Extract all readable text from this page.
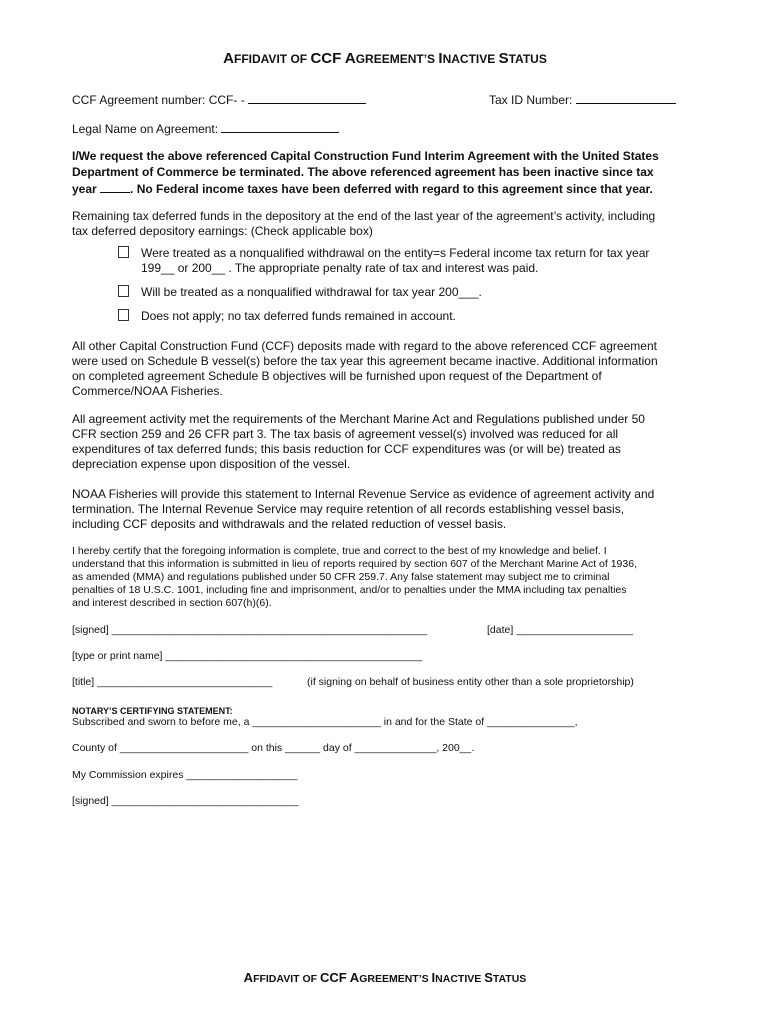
AFFIDAVIT OF CCF AGREEMENT’S INACTIVE STATUS
CCF Agreement number: CCF- -	Tax ID Number:
Legal Name on Agreement:
I/We request the above referenced Capital Construction Fund Interim Agreement with the United States
Department of Commerce be terminated. The above referenced agreement has been inactive since tax
year	. No Federal income taxes have been deferred with regard to this agreement since that year.
Remaining tax deferred funds in the depository at the end of the last year of the agreement’s activity, including
tax deferred depository earnings: (Check applicable box)
Were treated as a nonqualified withdrawal on the entity=s Federal income tax return for tax year
199__ or 200__ . The appropriate penalty rate of tax and interest was paid.
Will be treated as a nonqualified withdrawal for tax year 200___.
Does not apply; no tax deferred funds remained in account.
All other Capital Construction Fund (CCF) deposits made with regard to the above referenced CCF agreement
were used on Schedule B vessel(s) before the tax year this agreement became inactive. Additional information
on completed agreement Schedule B objectives will be furnished upon request of the Department of
Commerce/NOAA Fisheries.
All agreement activity met the requirements of the Merchant Marine Act and Regulations published under 50
CFR section 259 and 26 CFR part 3. The tax basis of agreement vessel(s) involved was reduced for all
expenditures of tax deferred funds; this basis reduction for CCF expenditures was (or will be) treated as
depreciation expense upon disposition of the vessel.
NOAA Fisheries will provide this statement to Internal Revenue Service as evidence of agreement activity and
termination. The Internal Revenue Service may require retention of all records establishing vessel basis,
including CCF deposits and withdrawals and the related reduction of vessel basis.
I hereby certify that the foregoing information is complete, true and correct to the best of my knowledge and belief. I
understand that this information is submitted in lieu of reports required by section 607 of the Merchant Marine Act of 1936,
as amended (MMA) and regulations published under 50 CFR 259.7. Any false statement may subject me to criminal
penalties of 18 U.S.C. 1001, including fine and imprisonment, and/or to penalties under the MMA including tax penalties
and interest described in section 607(h)(6).
[signed] ______________________________________________________	[date] ____________________
[type or print name] ____________________________________________
[title] ______________________________	(if signing on behalf of business entity other than a sole proprietorship)
NOTARY’S CERTIFYING STATEMENT:
Subscribed and sworn to before me, a ______________________ in and for the State of _______________,
County of ______________________ on this ______ day of ______________, 200__.
My Commission expires ___________________
[signed] ________________________________
AFFIDAVIT OF CCF AGREEMENT’S INACTIVE STATUS
